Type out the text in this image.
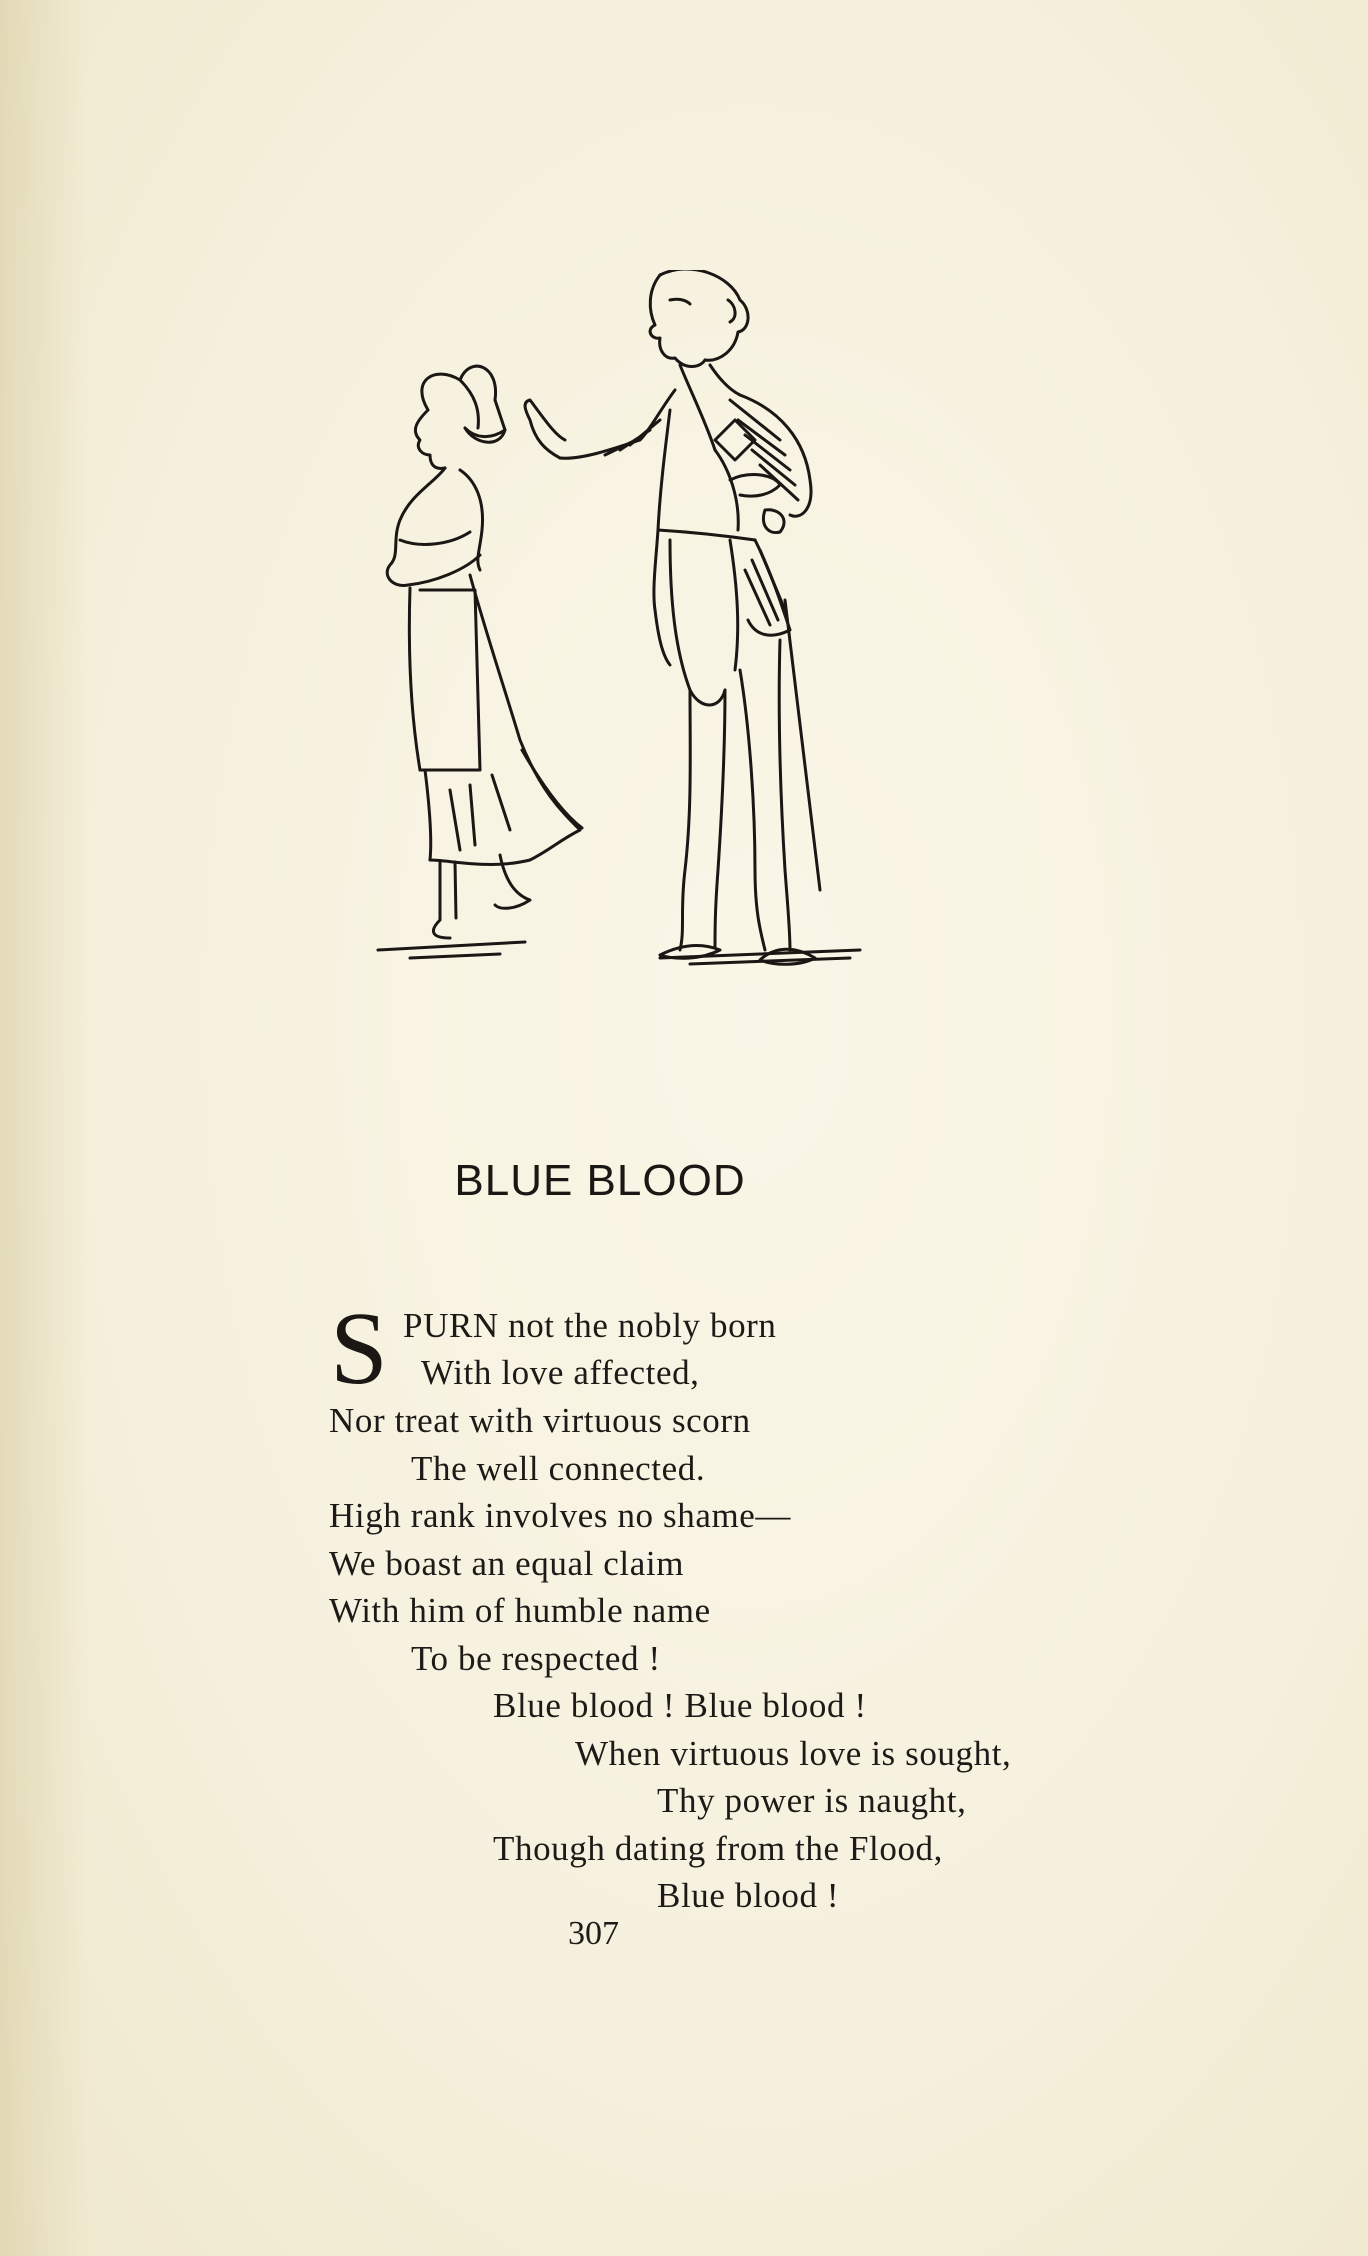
BLUE BLOOD
S PURN not the nobly born
With love affected,
Nor treat with virtuous scorn
The well connected.
High rank involves no shame—
We boast an equal claim
With him of humble name
To be respected !
Blue blood ! Blue blood !
When virtuous love is sought,
Thy power is naught,
Though dating from the Flood,
Blue blood !
307
